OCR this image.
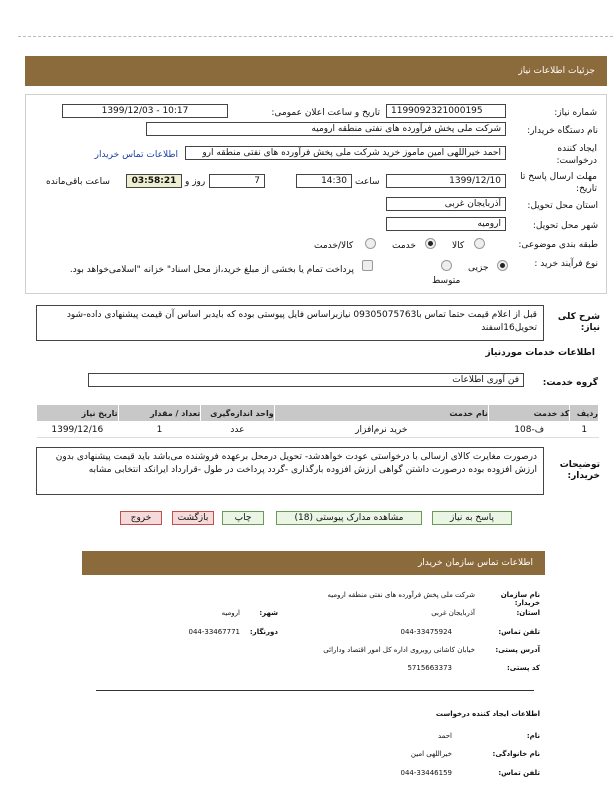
جزئیات اطلاعات نیاز
شماره نیاز:
1199092321000195
تاریخ و ساعت اعلان عمومی:
1399/12/03 - 10:17
نام دستگاه خریدار:
شرکت ملی پخش فرآورده های نفتی منطقه ارومیه
ایجاد کننده درخواست:
احمد خیراللهی امین ماموز خرید شرکت ملی پخش فرآورده های نفتی منطقه ارو
اطلاعات تماس خریدار
مهلت ارسال پاسخ تا تاریخ:
1399/12/10
ساعت
14:30
7
روز و
03:58:21
ساعت باقی‌مانده
استان محل تحویل:
آذربایجان غربی
شهر محل تحویل:
ارومیه
طبقه بندی موضوعی:
کالا
خدمت
کالا/خدمت
نوع فرآیند خرید :
جزیی
متوسط
پرداخت تمام یا بخشی از مبلغ خرید،از محل اسناد" خزانه "اسلامی‌خواهد بود.
شرح کلی نیاز:
قبل از اعلام قیمت حتما تماس با09305075763 نیازبراساس فایل پیوستی بوده که بایدبر اساس آن قیمت پیشنهادی داده-شود تحویل16اسفند
اطلاعات خدمات مورد‌نیاز
گروه خدمت:
فن آوری اطلاعات
ردیف	کد خدمت	نام خدمت	واحد اندازه‌گیری	تعداد / مقدار	تاریخ نیاز
1	ف-108	خرید نرم‌افزار	عدد	1	1399/12/16
توضیحات خریدار:
درصورت مغایرت کالای ارسالی با درخواستی عودت خواهدشد- تحویل درمحل برعهده فروشنده می‌باشد باید قیمت پیشنهادی بدون ارزش افزوده بوده درصورت داشتن گواهی ارزش افزوده بارگذاری -گردد پرداخت در طول -قرارداد ایرانکد انتخابی مشابه
پاسخ به نیاز
مشاهده مدارک پیوستی (18)
چاپ
بازگشت
خروج
اطلاعات تماس سازمان خریدار
نام سازمان خریدار:
شرکت ملی پخش فرآورده های نفتی منطقه ارومیه
استان:
آذربایجان غربی
شهر:
ارومیه
تلفن تماس:
044-33475924
دورنگار:
044-33467771
آدرس پستی:
خیابان کاشانی روبروی اداره کل امور اقتصاد ودارائی
کد پستی:
5715663373
اطلاعات ایجاد کننده درخواست
نام:
احمد
نام خانوادگی:
خیراللهی امین
تلفن تماس:
044-33446159
